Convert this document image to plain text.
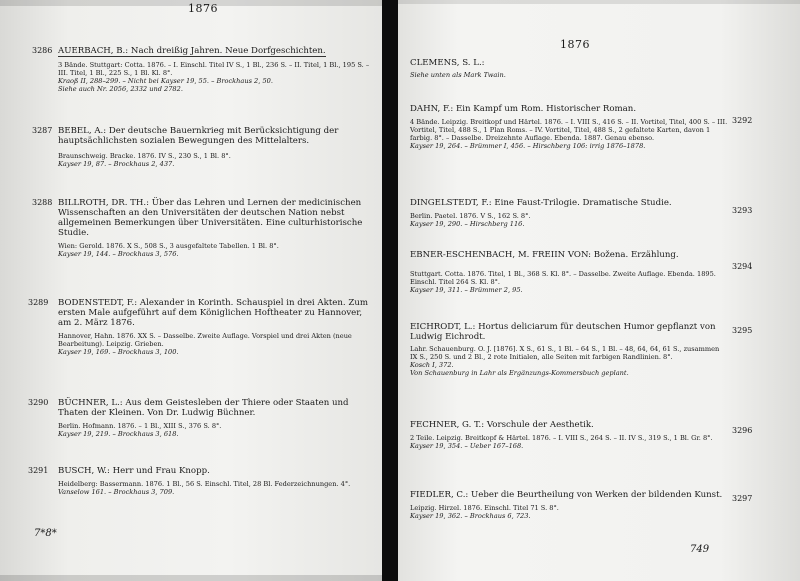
1876
3286 AUERBACH, B.: Nach dreißig Jahren. Neue Dorfgeschichten.
3 Bände. Stuttgart: Cotta. 1876. – I. Einschl. Titel IV S., 1 Bl., 236 S. – II. Titel, 1 Bl., 195 S. – III. Titel, 1 Bl., 225 S., 1 Bl. Kl. 8°.
Kraoß II, 288–299. – Nicht bei Kayser 19, 55. – Brockhaus 2, 50.
Siehe auch Nr. 2056, 2332 und 2782.
3287 BEBEL, A.: Der deutsche Bauernkrieg mit Berücksichtigung der hauptsächlichsten sozialen Bewegungen des Mittelalters.
Braunschweig. Bracke. 1876. IV S., 230 S., 1 Bl. 8°.
Kayser 19, 87. – Brockhaus 2, 437.
3288 BILLROTH, DR. TH.: Über das Lehren und Lernen der medicinischen Wissenschaften an den Universitäten der deutschen Nation nebst allgemeinen Bemerkungen über Universitäten. Eine culturhistorische Studie.
Wien: Gerold. 1876. X S., 508 S., 3 ausgefaltete Tabellen. 1 Bl. 8°.
Kayser 19, 144. – Brockhaus 3, 576.
3289 BODENSTEDT, F.: Alexander in Korinth. Schauspiel in drei Akten. Zum ersten Male aufgeführt auf dem Königlichen Hoftheater zu Hannover, am 2. März 1876.
Hannover, Hahn. 1876. XX S. – Dasselbe. Zweite Auflage. Vorspiel und drei Akten (neue Bearbeitung). Leipzig. Grieben.
Kayser 19, 169. – Brockhaus 3, 100.
3290 BÜCHNER, L.: Aus dem Geistesleben der Thiere oder Staaten und Thaten der Kleinen. Von Dr. Ludwig Büchner.
Berlin. Hofmann. 1876. – 1 Bl., XIII S., 376 S. 8°.
Kayser 19, 219. – Brockhaus 3, 618.
3291 BUSCH, W.: Herr und Frau Knopp.
Heidelberg: Bassermann. 1876. 1 Bl., 56 S. Einschl. Titel, 28 Bl. Federzeichnungen. 4°.
Vanselow 161. – Brockhaus 3, 709.
7*8*
1876
CLEMENS, S. L.:
Siehe unten als Mark Twain.
3292
DAHN, F.: Ein Kampf um Rom. Historischer Roman.
4 Bände. Leipzig. Breitkopf und Härtel. 1876. – I. VIII S., 416 S. – II. Vortitel, Titel, 400 S. – III. Vortitel, Titel, 488 S., 1 Plan Roms. – IV. Vortitel, Titel, 488 S., 2 gefaltete Karten, davon 1 farbig. 8°. – Dasselbe. Dreizehnte Auflage. Ebenda. 1887. Genau ebenso.
Kayser 19, 264. – Brümmer I, 456. – Hirschberg 106: irrig 1876–1878.
3293
DINGELSTEDT, F.: Eine Faust-Trilogie. Dramatische Studie.
Berlin. Paetel. 1876. V S., 162 S. 8°.
Kayser 19, 290. – Hirschberg 116.
3294
EBNER-ESCHENBACH, M. FREIIN VON: Božena. Erzählung.
Stuttgart. Cotta. 1876. Titel, 1 Bl., 368 S. Kl. 8°. – Dasselbe. Zweite Auflage. Ebenda. 1895. Einschl. Titel 264 S. Kl. 8°.
Kayser 19, 311. – Brümmer 2, 95.
3295
EICHRODT, L.: Hortus deliciarum für deutschen Humor gepflanzt von Ludwig Eichrodt.
Lahr. Schauenburg. O. J. [1876]. X S., 61 S., 1 Bl. – 64 S., 1 Bl. – 48, 64, 64, 61 S., zusammen IX S., 250 S. und 2 Bl., 2 rote Initialen, alle Seiten mit farbigen Randlinien. 8°.
Kosch I, 372.
Von Schauenburg in Lahr als Ergänzungs-Kommersbuch geplant.
3296
FECHNER, G. T.: Vorschule der Aesthetik.
2 Teile. Leipzig. Breitkopf & Härtel. 1876. – I. VIII S., 264 S. – II. IV S., 319 S., 1 Bl. Gr. 8°.
Kayser 19, 354. – Ueber 167–168.
3297
FIEDLER, C.: Ueber die Beurtheilung von Werken der bildenden Kunst.
Leipzig. Hirzel. 1876. Einschl. Titel 71 S. 8°.
Kayser 19, 362. – Brockhaus 6, 723.
749
